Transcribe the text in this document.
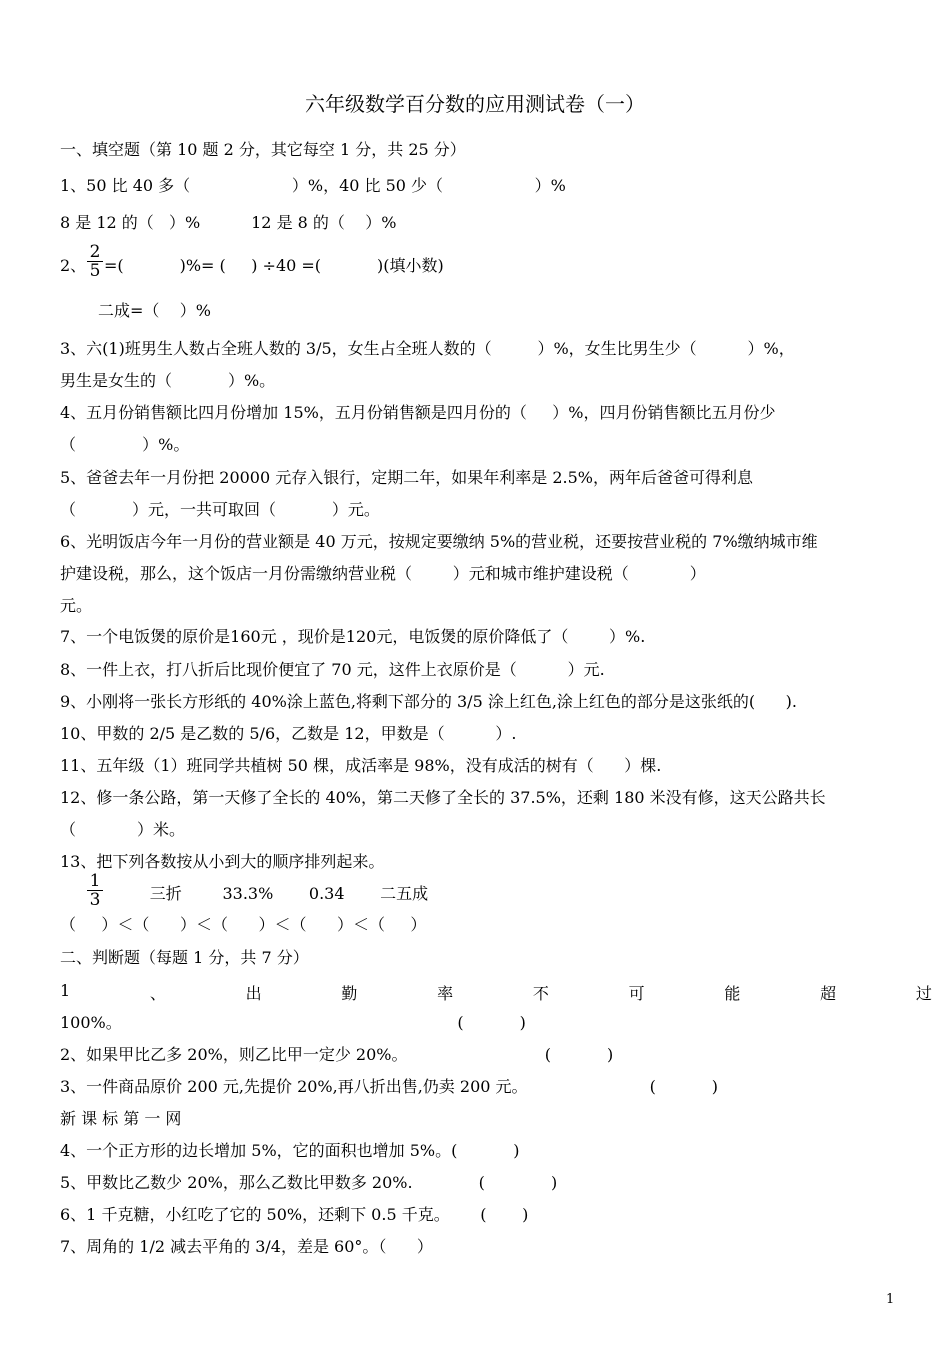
六年级数学百分数的应用测试卷（一）
一、填空题（第 10 题 2 分，其它每空 1 分，共 25 分）
1、50 比 40 多（                    ）%，40 比 50 少（                  ）%
8 是 12 的（   ）%          12 是 8 的（    ）%
2、 $\frac{2}{5}$ =(           )%= (     ) ÷40 =(           )(填小数)
二成=（    ）%
3、六(1)班男生人数占全班人数的 3/5，女生占全班人数的（         ）%，女生比男生少（          ）%，
男生是女生的（           ）%。
4、五月份销售额比四月份增加 15%，五月份销售额是四月份的（     ）%，四月份销售额比五月份少
（             ）%。
5、爸爸去年一月份把 20000 元存入银行，定期二年，如果年利率是 2.5%，两年后爸爸可得利息
（           ）元，一共可取回（           ）元。
6、光明饭店今年一月份的营业额是 40 万元，按规定要缴纳 5%的营业税，还要按营业税的 7%缴纳城市维
护建设税，那么，这个饭店一月份需缴纳营业税（        ）元和城市维护建设税（            ）
元。
7、一个电饭煲的原价是160元 ，现价是120元，电饭煲的原价降低了（        ）%.
8、一件上衣，打八折后比现价便宜了 70 元，这件上衣原价是（          ）元.
9、小刚将一张长方形纸的 40%涂上蓝色,将剩下部分的 3/5 涂上红色,涂上红色的部分是这张纸的(      ).
10、甲数的 2/5 是乙数的 5/6，乙数是 12，甲数是（          ）.
11、五年级（1）班同学共植树 50 棵，成活率是 98%，没有成活的树有（      ）棵.
12、修一条公路，第一天修了全长的 40%，第二天修了全长的 37.5%，还剩 180 米没有修，这天公路共长
（            ）米。
13、把下列各数按从小到大的顺序排列起来。
$\frac{1}{3}$ 三折        33.3%       0.34       二五成
（     ）＜（      ）＜（      ）＜（      ）＜（     ）
二、判断题（每题 1 分，共 7 分）
1	、	出	勤	率	不	可	能	超	过
100%。                                                                  (           )
2、如果甲比乙多 20%，则乙比甲一定少 20%。                           (           )
3、一件商品原价 200 元,先提价 20%,再八折出售,仍卖 200 元。                        (           )
新 课 标 第 一 网
4、一个正方形的边长增加 5%，它的面积也增加 5%。(           )
5、甲数比乙数少 20%，那么乙数比甲数多 20%.             (             )
6、1 千克糖，小红吃了它的 50%，还剩下 0.5 千克。      (       )
7、周角的 1/2 减去平角的 3/4，差是 60°。（      ）
1
